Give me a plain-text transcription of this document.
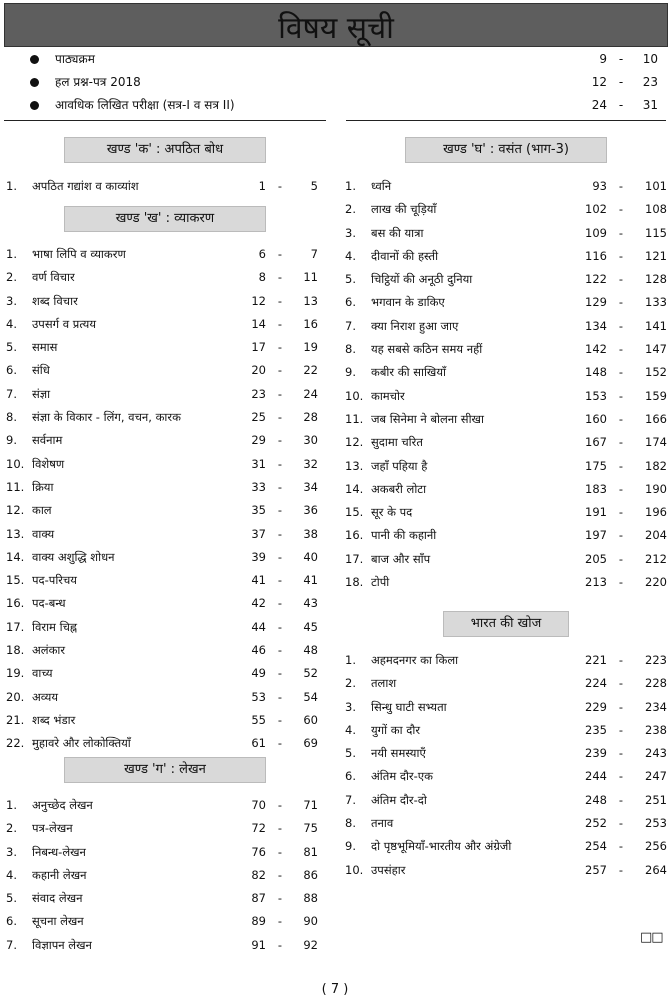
विषय सूची
पाठ्यक्रम	9 -	10
हल प्रश्न-पत्र 2018	12 -	23
आवधिक लिखित परीक्षा (सत्र-I व सत्र II)	24 -	31
खण्ड 'क' : अपठित बोध
1. अपठित गद्यांश व काव्यांश	1	-	5
खण्ड 'ख' : व्याकरण
1. भाषा लिपि व व्याकरण	6	-	7
2. वर्ण विचार	8	-	11
3. शब्द विचार	12	-	13
4. उपसर्ग व प्रत्यय	14	-	16
5. समास	17	-	19
6. संधि	20	-	22
7. संज्ञा	23	-	24
8. संज्ञा के विकार - लिंग, वचन, कारक	25	-	28
9. सर्वनाम	29	-	30
10. विशेषण	31	-	32
11. क्रिया	33	-	34
12. काल	35	-	36
13. वाक्य	37	-	38
14. वाक्य अशुद्धि शोधन	39	-	40
15. पद-परिचय	41	-	41
16. पद-बन्ध	42	-	43
17. विराम चिह्न	44	-	45
18. अलंकार	46	-	48
19. वाच्य	49	-	52
20. अव्यय	53	-	54
21. शब्द भंडार	55	-	60
22. मुहावरे और लोकोक्तियाँ	61	-	69
खण्ड 'ग' : लेखन
1. अनुच्छेद लेखन	70	-	71
2. पत्र-लेखन	72	-	75
3. निबन्ध-लेखन	76	-	81
4. कहानी लेखन	82	-	86
5. संवाद लेखन	87	-	88
6. सूचना लेखन	89	-	90
7. विज्ञापन लेखन	91	-	92
खण्ड 'घ' : वसंत (भाग-3)
1. ध्वनि	93	-	101
2. लाख की चूड़ियाँ	102	-	108
3. बस की यात्रा	109	-	115
4. दीवानों की हस्ती	116	-	121
5. चिट्ठियों की अनूठी दुनिया	122	-	128
6. भगवान के डाकिए	129	-	133
7. क्या निराश हुआ जाए	134	-	141
8. यह सबसे कठिन समय नहीं	142	-	147
9. कबीर की साखियाँ	148	-	152
10. कामचोर	153	-	159
11. जब सिनेमा ने बोलना सीखा	160	-	166
12. सुदामा चरित	167	-	174
13. जहाँ पहिया है	175	-	182
14. अकबरी लोटा	183	-	190
15. सूर के पद	191	-	196
16. पानी की कहानी	197	-	204
17. बाज और साँप	205	-	212
18. टोपी	213	-	220
भारत की खोज
1. अहमदनगर का किला	221	-	223
2. तलाश	224	-	228
3. सिन्धु घाटी सभ्यता	229	-	234
4. युगों का दौर	235	-	238
5. नयी समस्याएँ	239	-	243
6. अंतिम दौर-एक	244	-	247
7. अंतिम दौर-दो	248	-	251
8. तनाव	252	-	253
9. दो पृष्ठभूमियाँ-भारतीय और अंग्रेजी	254	-	256
10. उपसंहार	257	-	264
□□
( 7 )
